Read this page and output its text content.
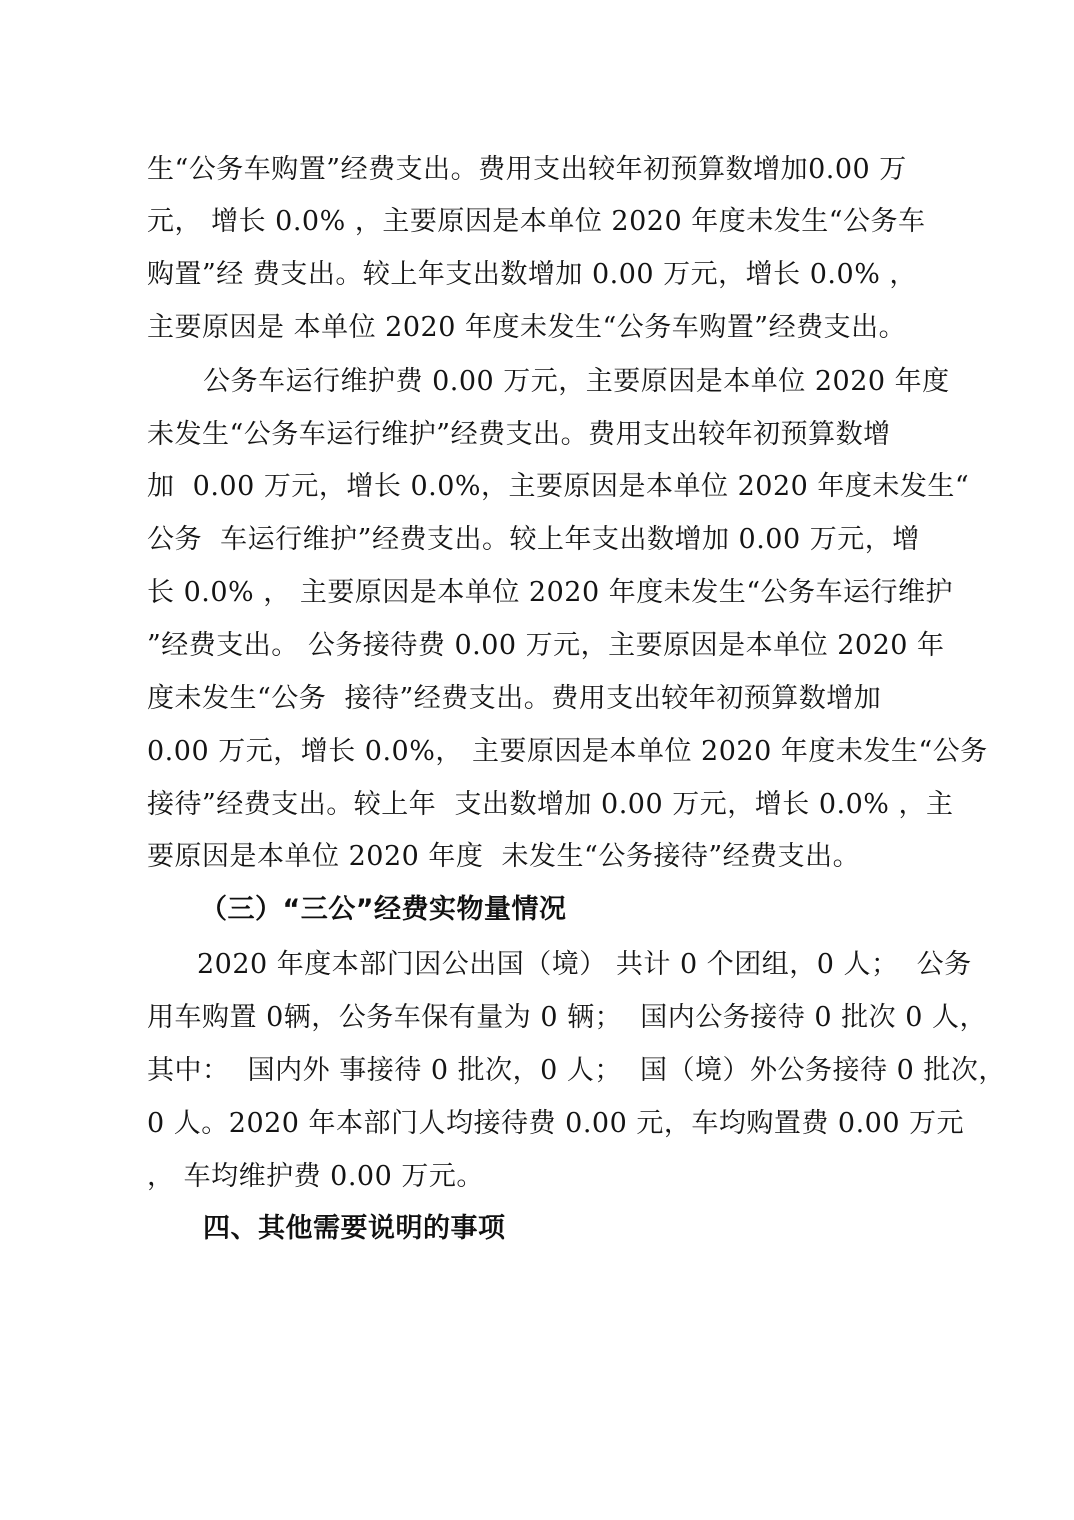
生“公务车购置”经费支出。费用支出较年初预算数增加0.00 万
元， 增长 0.0% ，主要原因是本单位 2020 年度未发生“公务车
购置”经 费支出。较上年支出数增加 0.00 万元，增长 0.0% ，
主要原因是 本单位 2020 年度未发生“公务车购置”经费支出。
公务车运行维护费 0.00 万元，主要原因是本单位 2020 年度
未发生“公务车运行维护”经费支出。费用支出较年初预算数增
加  0.00 万元，增长 0.0%，主要原因是本单位 2020 年度未发生“
公务  车运行维护”经费支出。较上年支出数增加 0.00 万元，增
长 0.0% ， 主要原因是本单位 2020 年度未发生“公务车运行维护
”经费支出。 公务接待费 0.00 万元，主要原因是本单位 2020 年
度未发生“公务  接待”经费支出。费用支出较年初预算数增加
0.00 万元，增长 0.0%， 主要原因是本单位 2020 年度未发生“公务
接待”经费支出。较上年  支出数增加 0.00 万元，增长 0.0% ，主
要原因是本单位 2020 年度  未发生“公务接待”经费支出。
（三）“三公”经费实物量情况
2020 年度本部门因公出国（境） 共计 0 个团组，0 人；  公务
用车购置 0辆，公务车保有量为 0 辆；  国内公务接待 0 批次 0 人，
其中：  国内外 事接待 0 批次，0 人；  国（境）外公务接待 0 批次，
0 人。2020 年本部门人均接待费 0.00 元，车均购置费 0.00 万元
， 车均维护费 0.00 万元。
四、其他需要说明的事项
